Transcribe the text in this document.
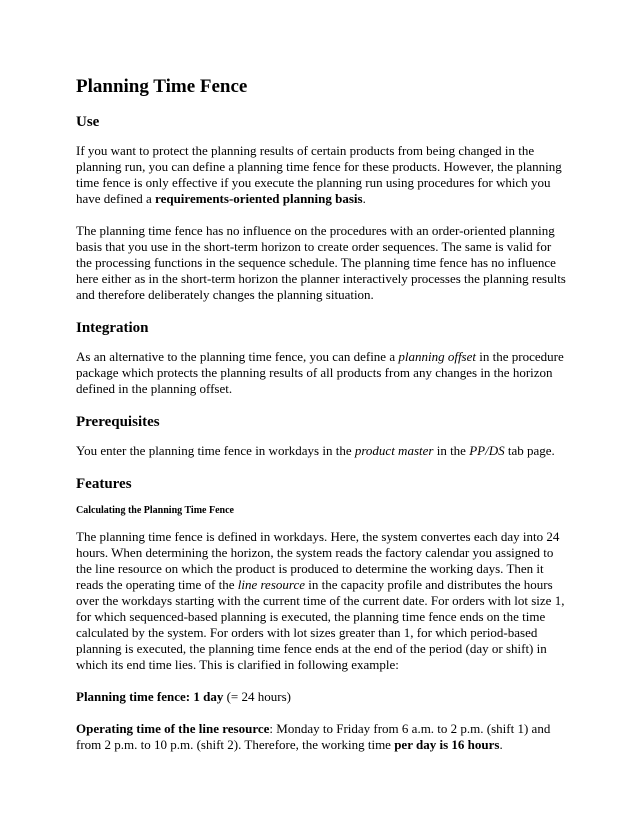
Planning Time Fence
Use

If you want to protect the planning results of certain products from being changed in the planning run, you can define a planning time fence for these products. However, the planning time fence is only effective if you execute the planning run using procedures for which you have defined a requirements-oriented planning basis.

The planning time fence has no influence on the procedures with an order-oriented planning basis that you use in the short-term horizon to create order sequences. The same is valid for the processing functions in the sequence schedule. The planning time fence has no influence here either as in the short-term horizon the planner interactively processes the planning results and therefore deliberately changes the planning situation.

Integration

As an alternative to the planning time fence, you can define a planning offset in the procedure package which protects the planning results of all products from any changes in the horizon defined in the planning offset.

Prerequisites

You enter the planning time fence in workdays in the product master in the PP/DS tab page.

Features
Calculating the Planning Time Fence

The planning time fence is defined in workdays. Here, the system convertes each day into 24 hours. When determining the horizon, the system reads the factory calendar you assigned to the line resource on which the product is produced to determine the working days. Then it reads the operating time of the line resource in the capacity profile and distributes the hours over the workdays starting with the current time of the current date. For orders with lot size 1, for which sequenced-based planning is executed, the planning time fence ends on the time calculated by the system. For orders with lot sizes greater than 1, for which period-based planning is executed, the planning time fence ends at the end of the period (day or shift) in which its end time lies. This is clarified in following example:

Planning time fence: 1 day (= 24 hours)

Operating time of the line resource: Monday to Friday from 6 a.m. to 2 p.m. (shift 1) and from 2 p.m. to 10 p.m. (shift 2). Therefore, the working time per day is 16 hours.
